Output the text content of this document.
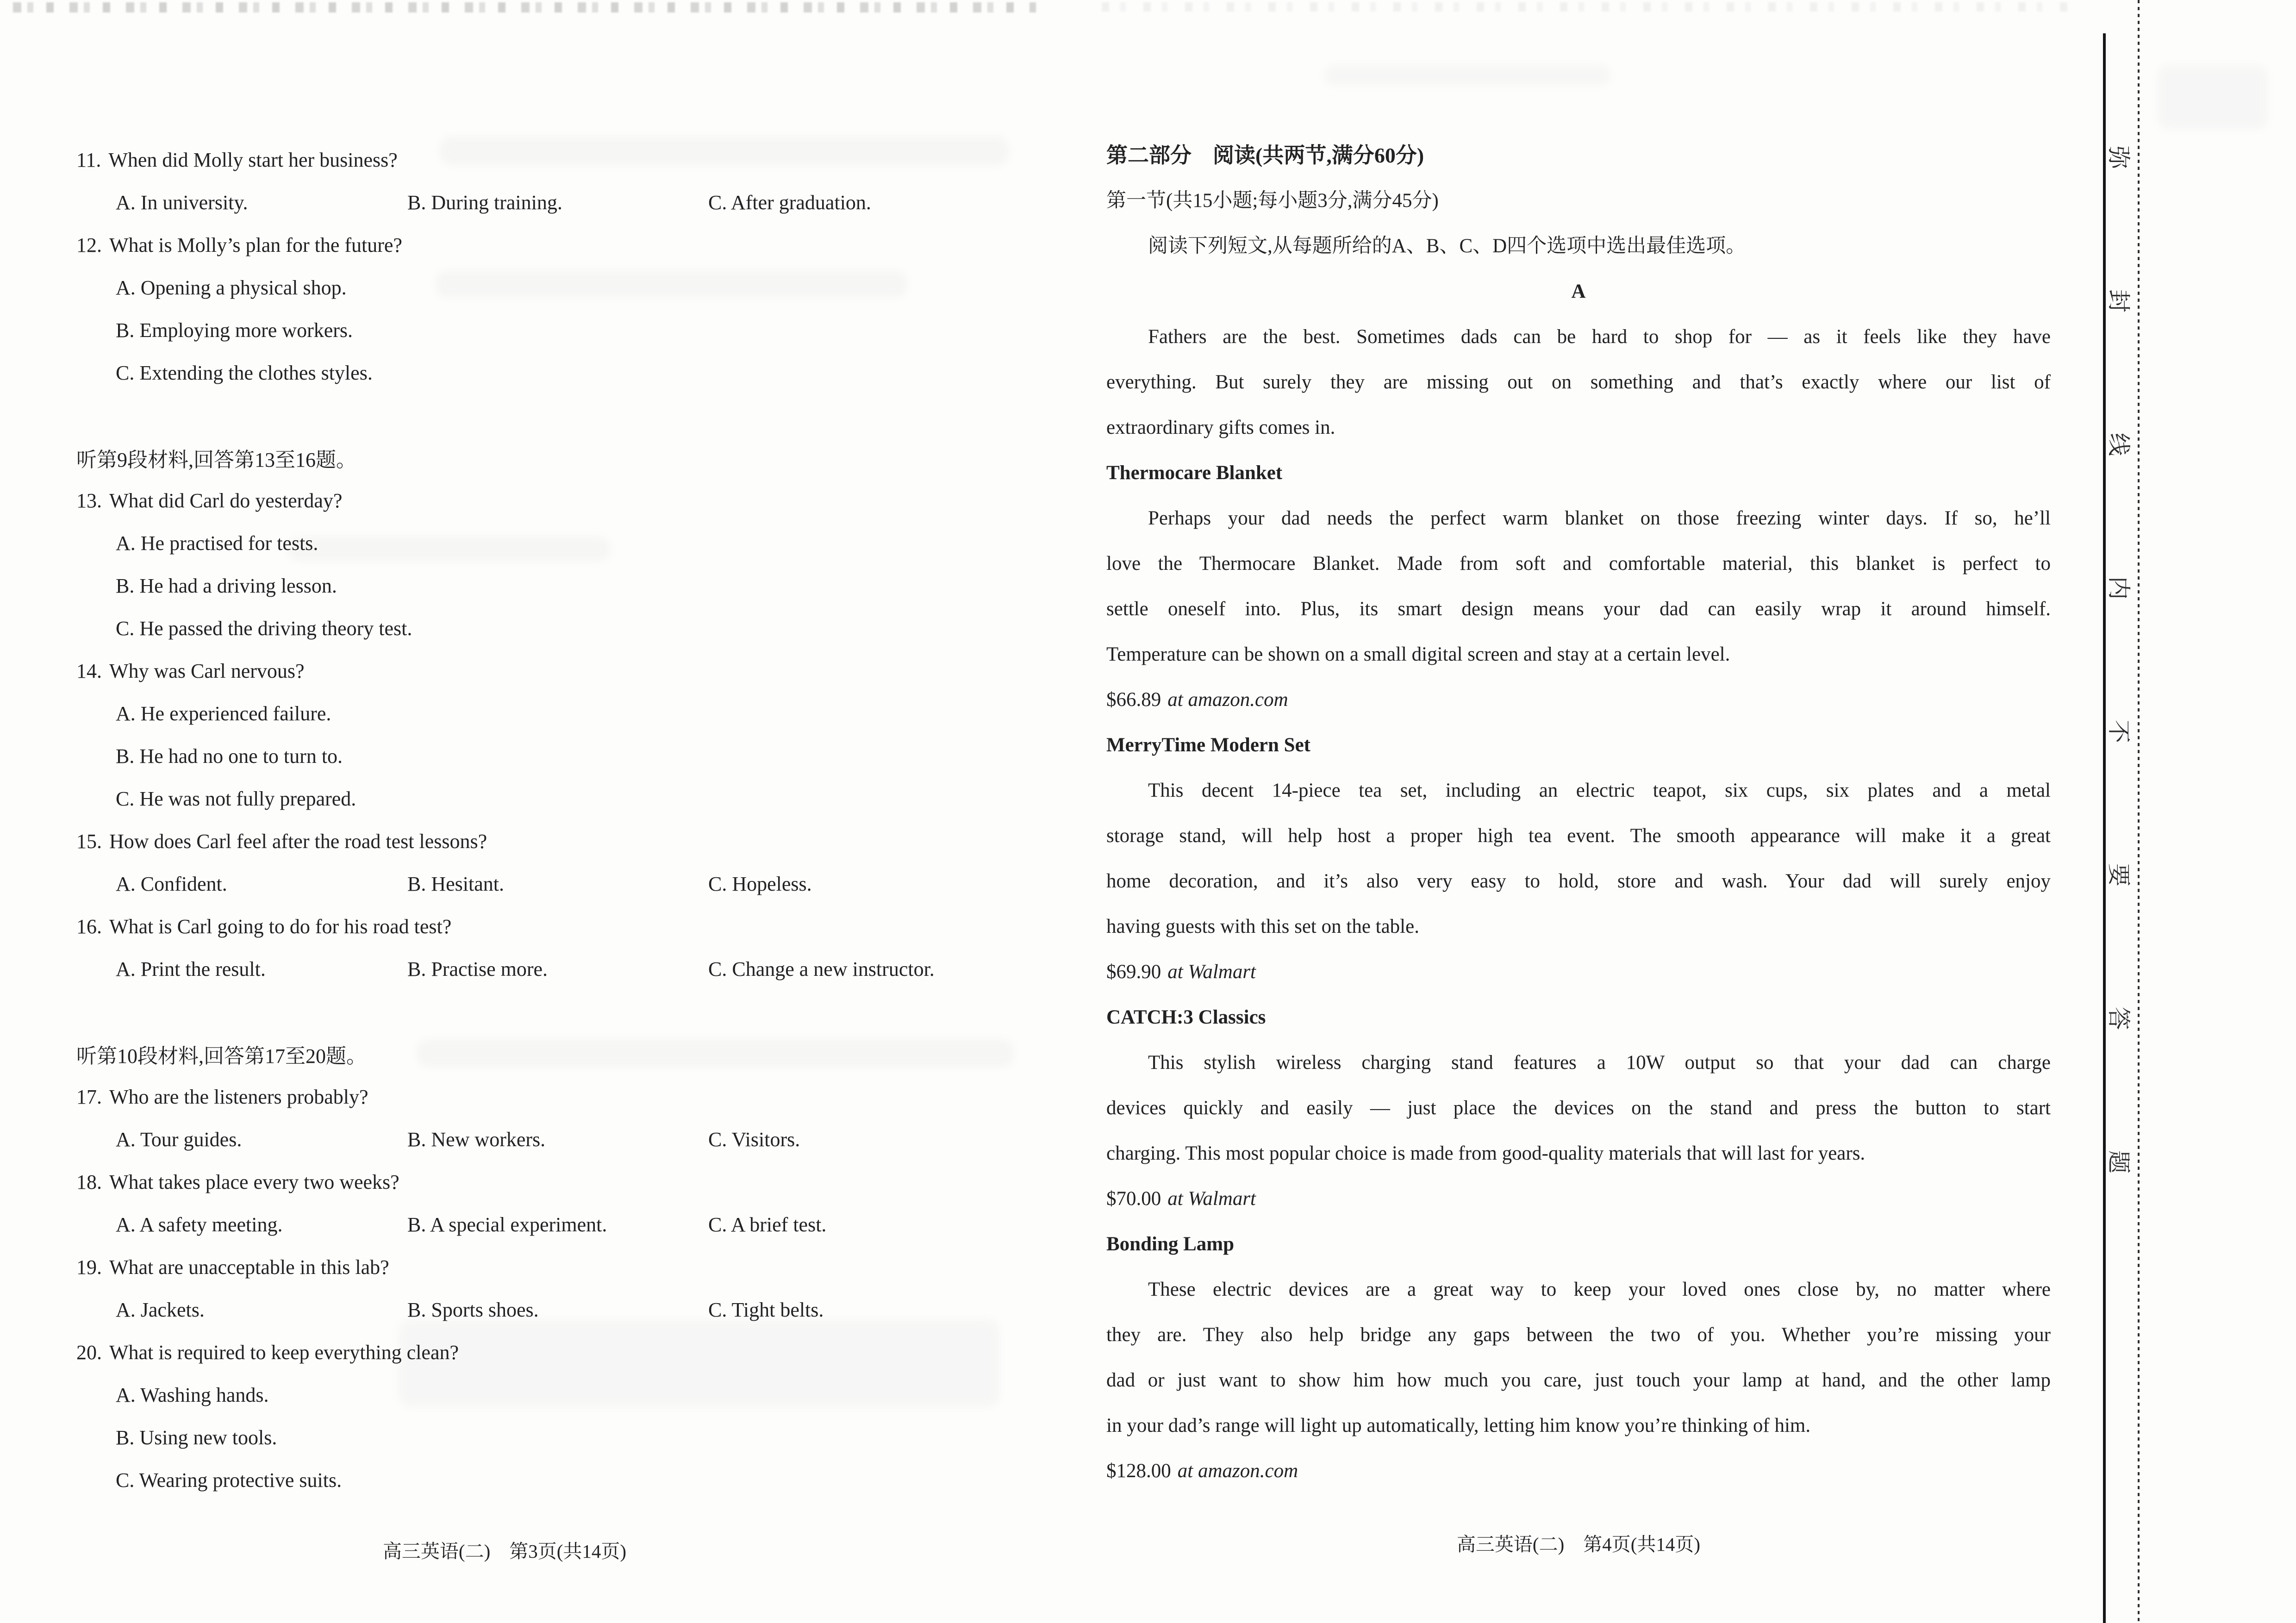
11. When did Molly start her business?
A. In university.	B. During training.	C. After graduation.
12. What is Molly’s plan for the future?
A. Opening a physical shop.
B. Employing more workers.
C. Extending the clothes styles.
听第9段材料,回答第13至16题。
13. What did Carl do yesterday?
A. He practised for tests.
B. He had a driving lesson.
C. He passed the driving theory test.
14. Why was Carl nervous?
A. He experienced failure.
B. He had no one to turn to.
C. He was not fully prepared.
15. How does Carl feel after the road test lessons?
A. Confident.	B. Hesitant.	C. Hopeless.
16. What is Carl going to do for his road test?
A. Print the result.	B. Practise more.	C. Change a new instructor.
听第10段材料,回答第17至20题。
17. Who are the listeners probably?
A. Tour guides.	B. New workers.	C. Visitors.
18. What takes place every two weeks?
A. A safety meeting.	B. A special experiment.	C. A brief test.
19. What are unacceptable in this lab?
A. Jackets.	B. Sports shoes.	C. Tight belts.
20. What is required to keep everything clean?
A. Washing hands.
B. Using new tools.
C. Wearing protective suits.
高三英语(二)　第3页(共14页)
第二部分　阅读(共两节,满分60分)
第一节(共15小题;每小题3分,满分45分)
阅读下列短文,从每题所给的A、B、C、D四个选项中选出最佳选项。
A
Fathers are the best. Sometimes dads can be hard to shop for — as it feels like they have
everything. But surely they are missing out on something and that’s exactly where our list of
extraordinary gifts comes in.
Thermocare Blanket
Perhaps your dad needs the perfect warm blanket on those freezing winter days. If so, he’ll
love the Thermocare Blanket. Made from soft and comfortable material, this blanket is perfect to
settle oneself into. Plus, its smart design means your dad can easily wrap it around himself.
Temperature can be shown on a small digital screen and stay at a certain level.
$66.89 at amazon.com
MerryTime Modern Set
This decent 14-piece tea set, including an electric teapot, six cups, six plates and a metal
storage stand, will help host a proper high tea event. The smooth appearance will make it a great
home decoration, and it’s also very easy to hold, store and wash. Your dad will surely enjoy
having guests with this set on the table.
$69.90 at Walmart
CATCH:3 Classics
This stylish wireless charging stand features a 10W output so that your dad can charge
devices quickly and easily — just place the devices on the stand and press the button to start
charging. This most popular choice is made from good-quality materials that will last for years.
$70.00 at Walmart
Bonding Lamp
These electric devices are a great way to keep your loved ones close by, no matter where
they are. They also help bridge any gaps between the two of you. Whether you’re missing your
dad or just want to show him how much you care, just touch your lamp at hand, and the other lamp
in your dad’s range will light up automatically, letting him know you’re thinking of him.
$128.00 at amazon.com
高三英语(二)　第4页(共14页)
弥
封
线
内
不
要
答
题
